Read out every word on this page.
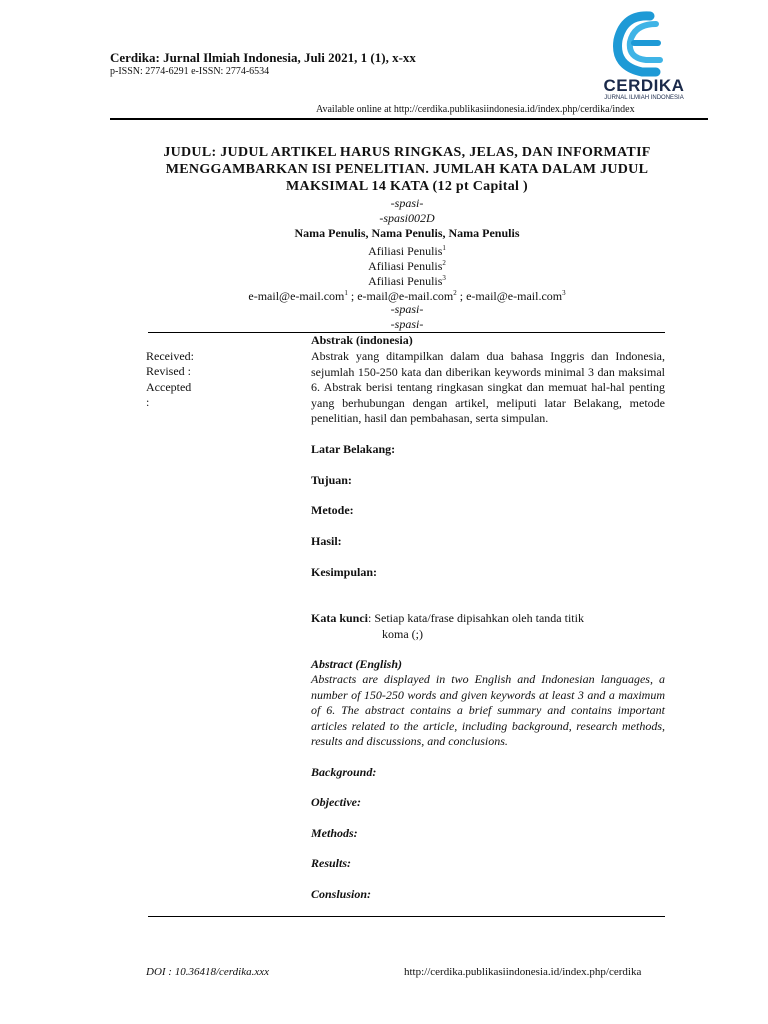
Cerdika: Jurnal Ilmiah Indonesia, Juli 2021, 1 (1), x-xx
p-ISSN: 2774-6291 e-ISSN: 2774-6534
Available online at http://cerdika.publikasiindonesia.id/index.php/cerdika/index
CERDIKA
JURNAL ILMIAH INDONESIA
JUDUL: JUDUL ARTIKEL HARUS RINGKAS, JELAS, DAN INFORMATIF MENGGAMBARKAN ISI PENELITIAN. JUMLAH KATA DALAM JUDUL MAKSIMAL 14 KATA (12 pt Capital )
-spasi-
-spasi002D
Nama Penulis, Nama Penulis, Nama Penulis
Afiliasi Penulis$^1$
Afiliasi Penulis$^2$
Afiliasi Penulis$^3$
e-mail@e-mail.com$^1$ ; e-mail@e-mail.com$^2$ ; e-mail@e-mail.com$^3$
-spasi-
-spasi-
Received:
Revised :
Accepted
:
Abstrak (indonesia)
Abstrak yang ditampilkan dalam dua bahasa Inggris dan Indonesia, sejumlah 150-250 kata dan diberikan keywords minimal 3 dan maksimal 6. Abstrak berisi tentang ringkasan singkat dan memuat hal-hal penting yang berhubungan dengan artikel, meliputi latar Belakang, metode penelitian, hasil dan pembahasan, serta simpulan.
Latar Belakang:
Tujuan:
Metode:
Hasil:
Kesimpulan:
Kata kunci: Setiap kata/frase dipisahkan oleh tanda titik
koma (;)
Abstract (English)
Abstracts are displayed in two English and Indonesian languages, a number of 150-250 words and given keywords at least 3 and a maximum of 6. The abstract contains a brief summary and contains important articles related to the article, including background, research methods, results and discussions, and conclusions.
Background:
Objective:
Methods:
Results:
Conslusion:
DOI : 10.36418/cerdika.xxx	http://cerdika.publikasiindonesia.id/index.php/cerdika
